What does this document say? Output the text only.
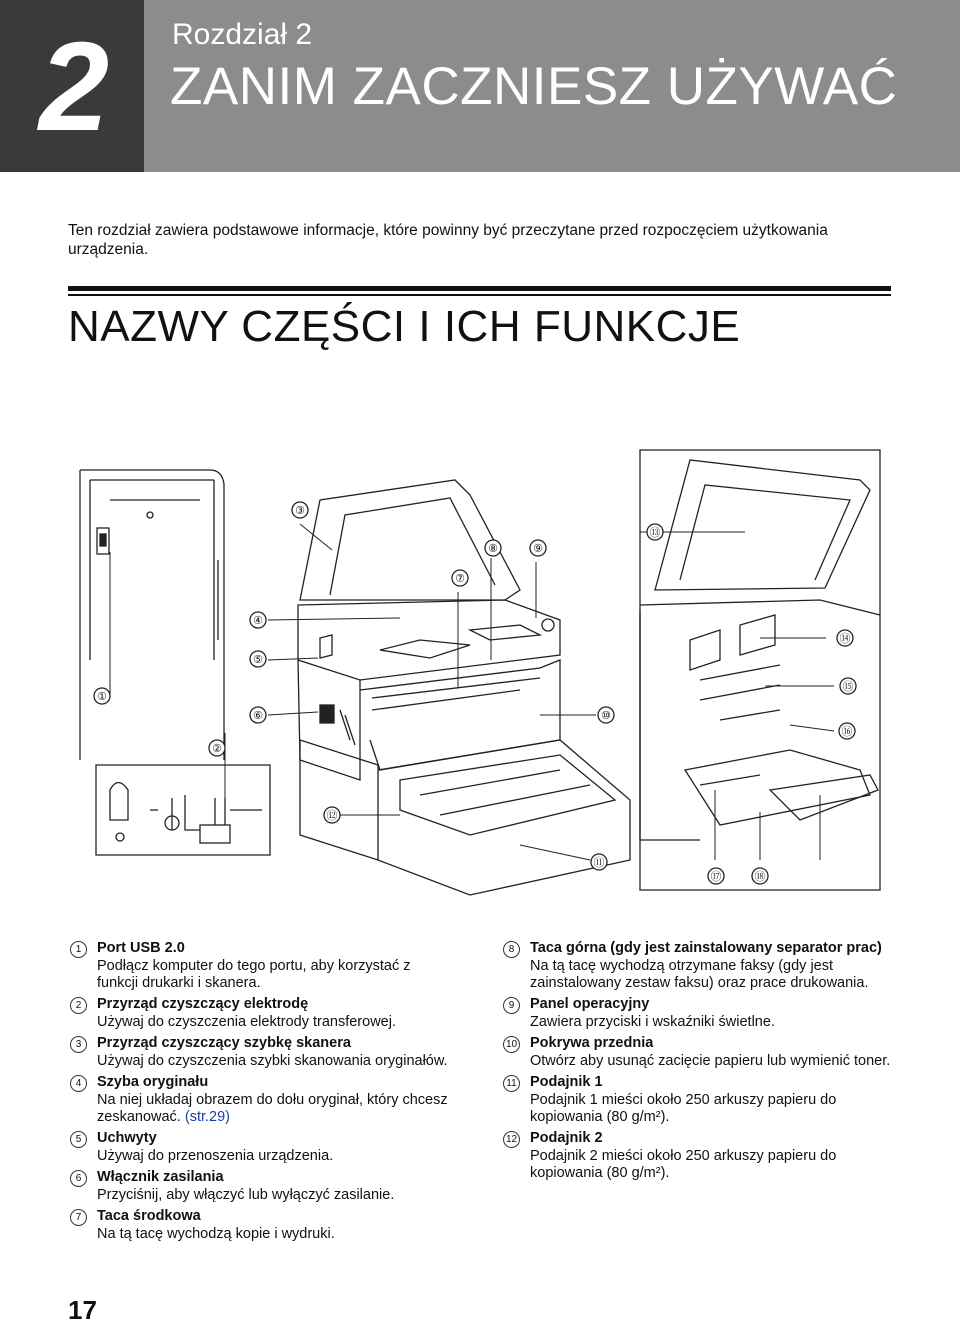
2	Rozdział 2
ZANIM ZACZNIESZ UŻYWAĆ
Ten rozdział zawiera podstawowe informacje, które powinny być przeczytane przed rozpoczęciem użytkowania urządzenia.
NAZWY CZĘŚCI I ICH FUNKCJE
①
②
③
④
⑤
⑥
⑦
⑧	⑨
⑩
⑪
⑫
⑬
⑭
⑮
⑯
⑰	⑱
1	Port USB 2.0
Podłącz komputer do tego portu, aby korzystać z funkcji drukarki i skanera.
2	Przyrząd czyszczący elektrodę
Używaj do czyszczenia elektrody transferowej.
3	Przyrząd czyszczący szybkę skanera
Używaj do czyszczenia szybki skanowania oryginałów.
4	Szyba oryginału
Na niej układaj obrazem do dołu oryginał, który chcesz zeskanować. (str.29)
5	Uchwyty
Używaj do przenoszenia urządzenia.
6	Włącznik zasilania
Przyciśnij, aby włączyć lub wyłączyć zasilanie.
7	Taca środkowa
Na tą tacę wychodzą kopie i wydruki.
8	Taca górna (gdy jest zainstalowany separator prac)
Na tą tacę wychodzą otrzymane faksy (gdy jest zainstalowany zestaw faksu) oraz prace drukowania.
9	Panel operacyjny
Zawiera przyciski i wskaźniki świetlne.
10 Pokrywa przednia
Otwórz aby usunąć zacięcie papieru lub wymienić toner.
11 Podajnik 1
Podajnik 1 mieści około 250 arkuszy papieru do kopiowania (80 g/m²).
12 Podajnik 2
Podajnik 2 mieści około 250 arkuszy papieru do kopiowania (80 g/m²).
17
